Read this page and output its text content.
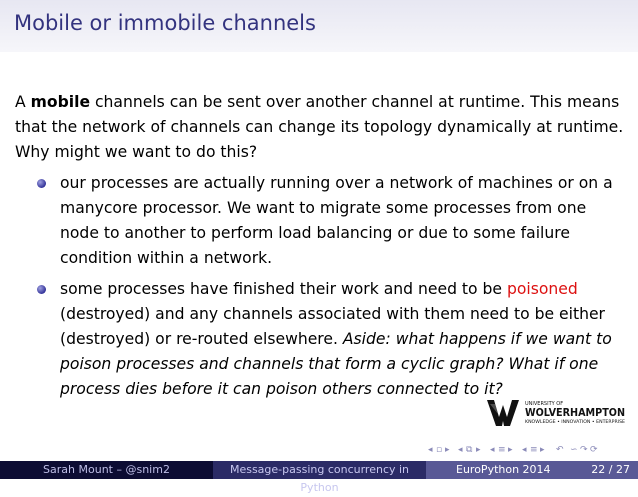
Mobile or immobile channels

A mobile channels can be sent over another channel at runtime. This means that the network of channels can change its topology dynamically at runtime. Why might we want to do this?

our processes are actually running over a network of machines or on a manycore processor. We want to migrate some processes from one node to another to perform load balancing or due to some failure condition within a network.
some processes have finished their work and need to be poisoned (destroyed) and any channels associated with them need to be either (destroyed) or re-routed elsewhere. Aside: what happens if we want to poison processes and channels that form a cyclic graph? What if one process dies before it can poison others connected to it?
UNIVERSITY OF
WOLVERHAMPTON
KNOWLEDGE • INNOVATION • ENTERPRISE
◂ ▫ ▸ ◂ ⧉ ▸ ◂ ≡ ▸ ◂ ≡ ▸ ↶ ∽ ↷ ⟳
Sarah Mount – @snim2	Message-passing concurrency in Python
EuroPython 2014	22 / 27
